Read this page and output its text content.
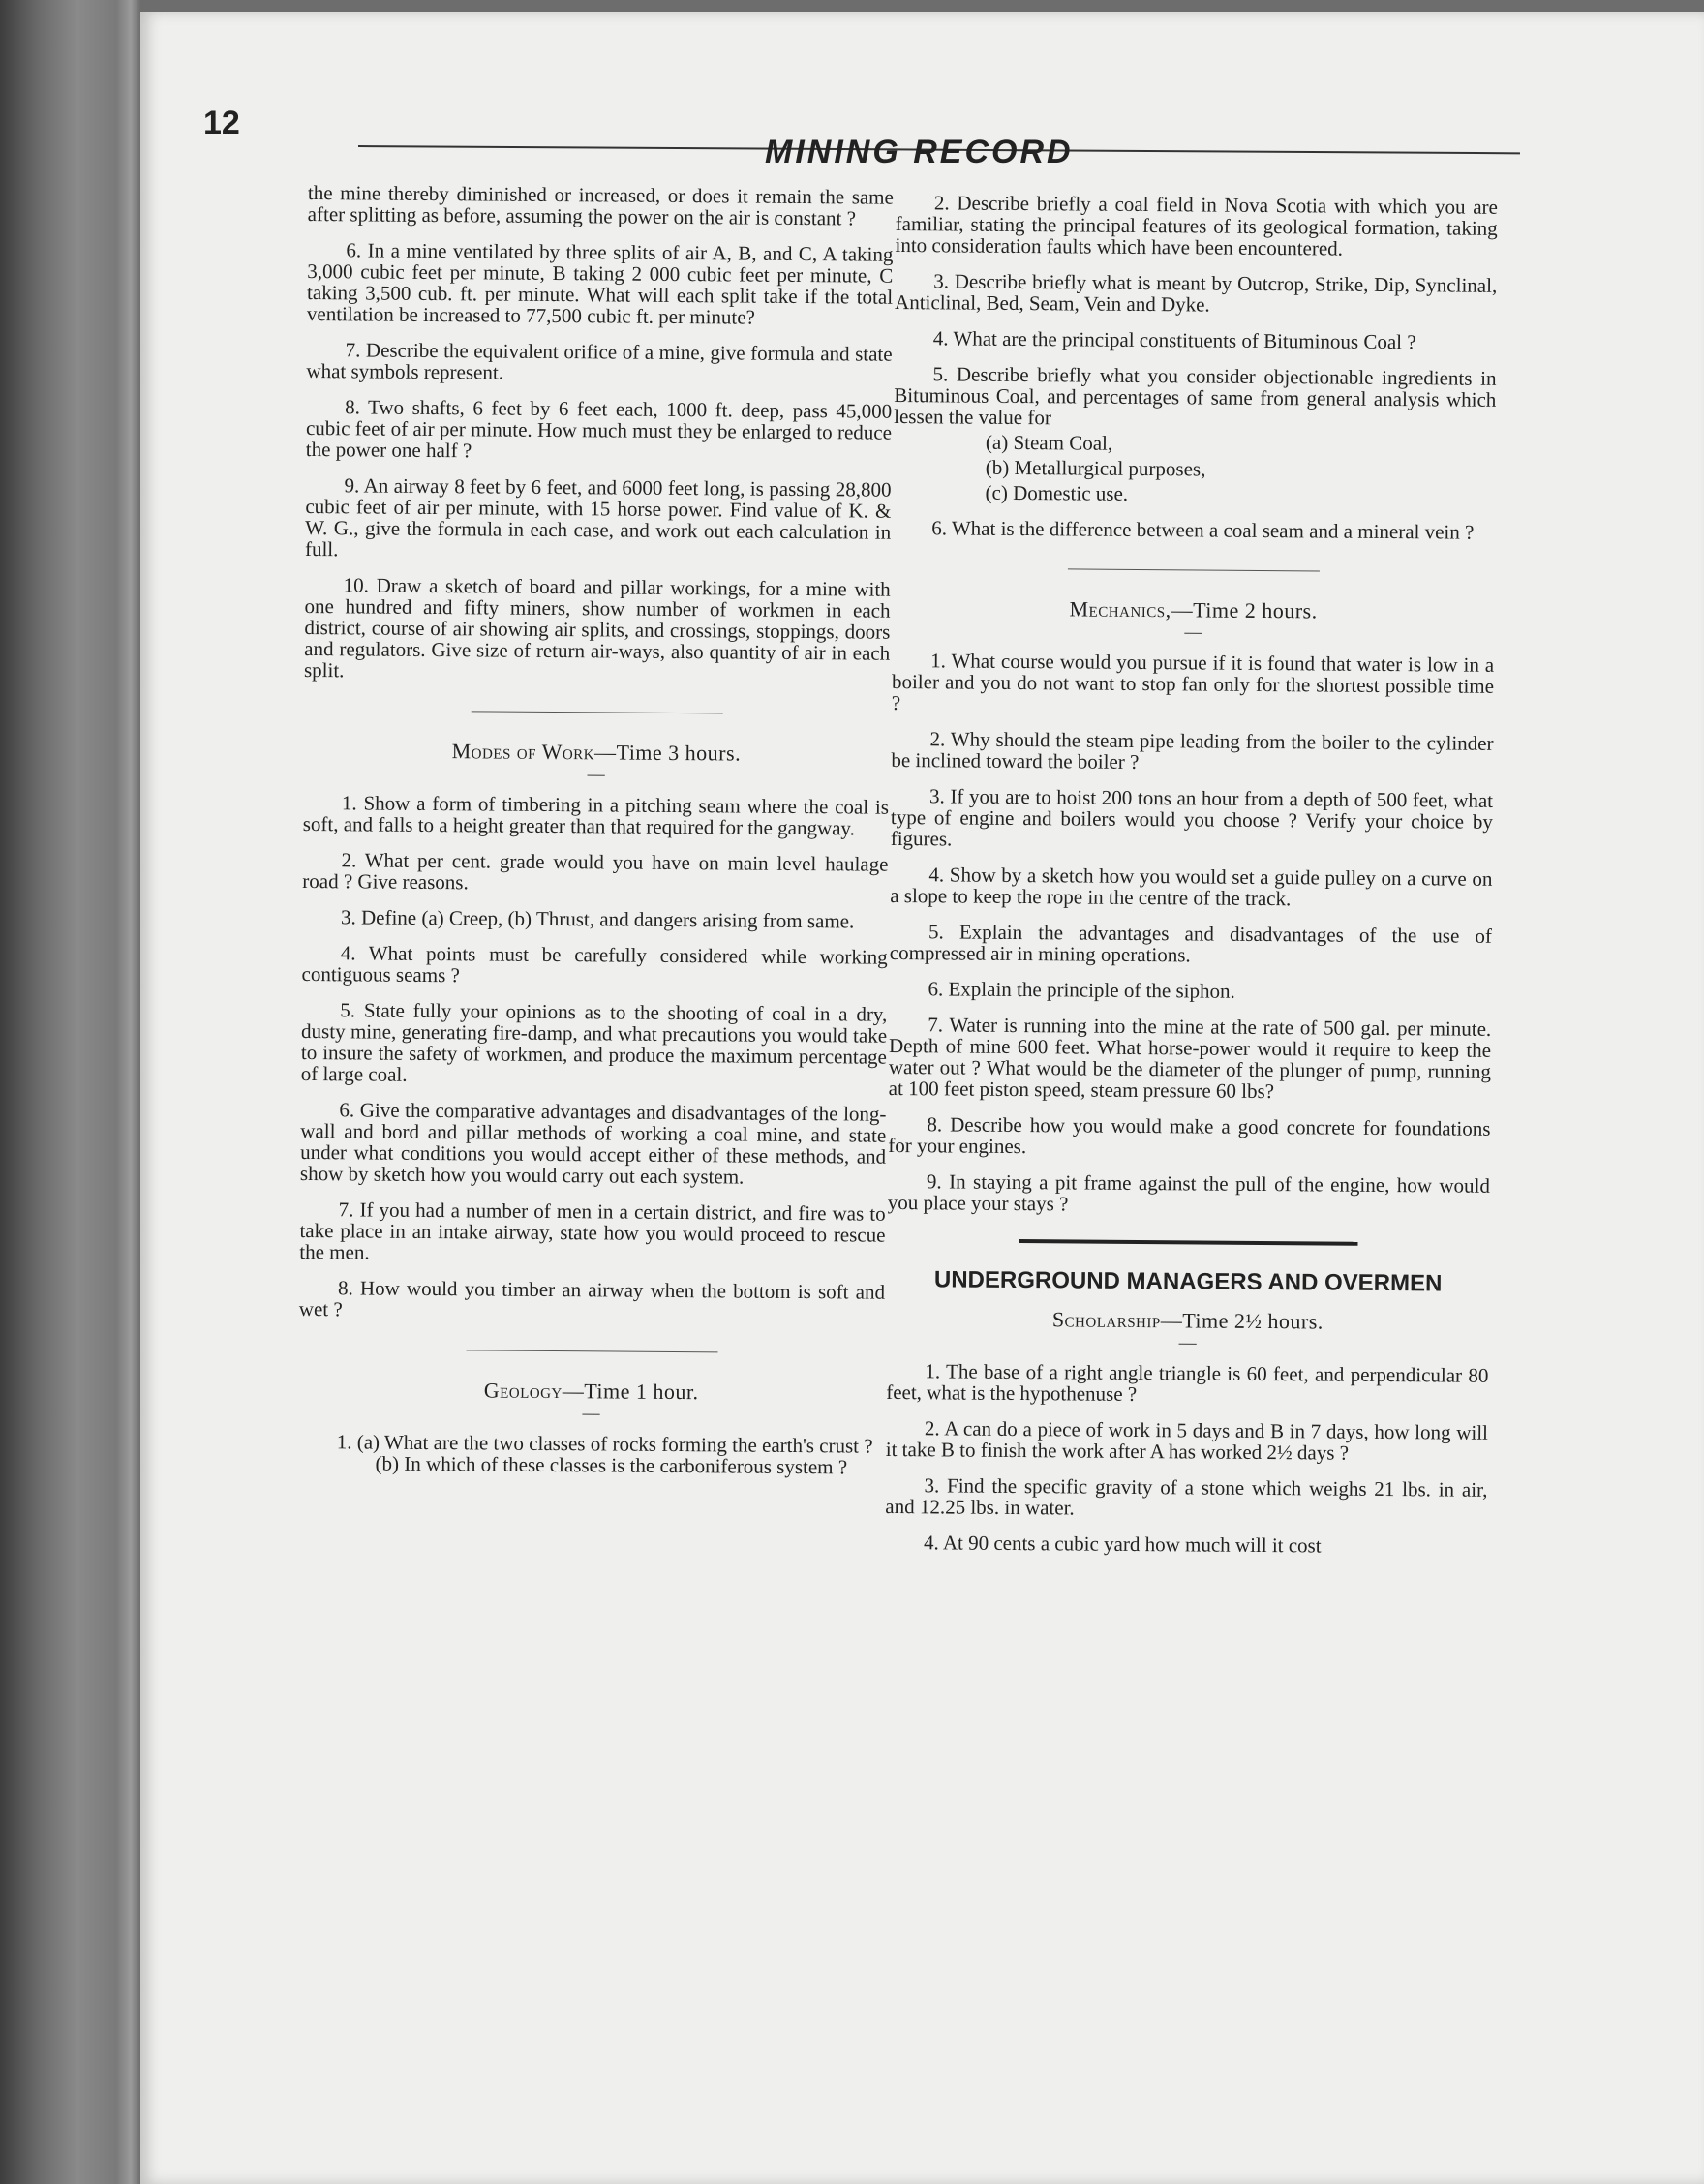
12
MINING RECORD

the mine thereby diminished or increased, or does it remain the same after splitting as before, assuming the power on the air is constant ?

6. In a mine ventilated by three splits of air A, B, and C, A taking 3,000 cubic feet per minute, B taking 2 000 cubic feet per minute, C taking 3,500 cub. ft. per minute. What will each split take if the total ventilation be increased to 77,500 cubic ft. per minute?

7. Describe the equivalent orifice of a mine, give formula and state what symbols represent.

8. Two shafts, 6 feet by 6 feet each, 1000 ft. deep, pass 45,000 cubic feet of air per minute. How much must they be enlarged to reduce the power one half ?

9. An airway 8 feet by 6 feet, and 6000 feet long, is passing 28,800 cubic feet of air per minute, with 15 horse power. Find value of K. & W. G., give the formula in each case, and work out each calculation in full.

10. Draw a sketch of board and pillar workings, for a mine with one hundred and fifty miners, show number of workmen in each district, course of air showing air splits, and crossings, stoppings, doors and regulators. Give size of return air-ways, also quantity of air in each split.

Modes of Work—Time 3 hours.
—

1. Show a form of timbering in a pitching seam where the coal is soft, and falls to a height greater than that required for the gangway.

2. What per cent. grade would you have on main level haulage road ? Give reasons.

3. Define (a) Creep, (b) Thrust, and dangers arising from same.

4. What points must be carefully considered while working contiguous seams ?

5. State fully your opinions as to the shooting of coal in a dry, dusty mine, generating fire-damp, and what precautions you would take to insure the safety of workmen, and produce the maximum percentage of large coal.

6. Give the comparative advantages and disadvantages of the long-wall and bord and pillar methods of working a coal mine, and state under what conditions you would accept either of these methods, and show by sketch how you would carry out each system.

7. If you had a number of men in a certain district, and fire was to take place in an intake airway, state how you would proceed to rescue the men.

8. How would you timber an airway when the bottom is soft and wet ?

Geology—Time 1 hour.
—

1. (a) What are the two classes of rocks forming the earth's crust ?

(b) In which of these classes is the carboniferous system ?

2. Describe briefly a coal field in Nova Scotia with which you are familiar, stating the principal features of its geological formation, taking into consideration faults which have been encountered.

3. Describe briefly what is meant by Outcrop, Strike, Dip, Synclinal, Anticlinal, Bed, Seam, Vein and Dyke.

4. What are the principal constituents of Bituminous Coal ?

5. Describe briefly what you consider objectionable ingredients in Bituminous Coal, and percentages of same from general analysis which lessen the value for

(a) Steam Coal,

(b) Metallurgical purposes,

(c) Domestic use.

6. What is the difference between a coal seam and a mineral vein ?

Mechanics,—Time 2 hours.
—

1. What course would you pursue if it is found that water is low in a boiler and you do not want to stop fan only for the shortest possible time ?

2. Why should the steam pipe leading from the boiler to the cylinder be inclined toward the boiler ?

3. If you are to hoist 200 tons an hour from a depth of 500 feet, what type of engine and boilers would you choose ? Verify your choice by figures.

4. Show by a sketch how you would set a guide pulley on a curve on a slope to keep the rope in the centre of the track.

5. Explain the advantages and disadvantages of the use of compressed air in mining operations.

6. Explain the principle of the siphon.

7. Water is running into the mine at the rate of 500 gal. per minute. Depth of mine 600 feet. What horse-power would it require to keep the water out ? What would be the diameter of the plunger of pump, running at 100 feet piston speed, steam pressure 60 lbs?

8. Describe how you would make a good concrete for foundations for your engines.

9. In staying a pit frame against the pull of the engine, how would you place your stays ?

UNDERGROUND MANAGERS AND OVERMEN
Scholarship—Time 2½ hours.
—

1. The base of a right angle triangle is 60 feet, and perpendicular 80 feet, what is the hypothenuse ?

2. A can do a piece of work in 5 days and B in 7 days, how long will it take B to finish the work after A has worked 2½ days ?

3. Find the specific gravity of a stone which weighs 21 lbs. in air, and 12.25 lbs. in water.

4. At 90 cents a cubic yard how much will it cost
